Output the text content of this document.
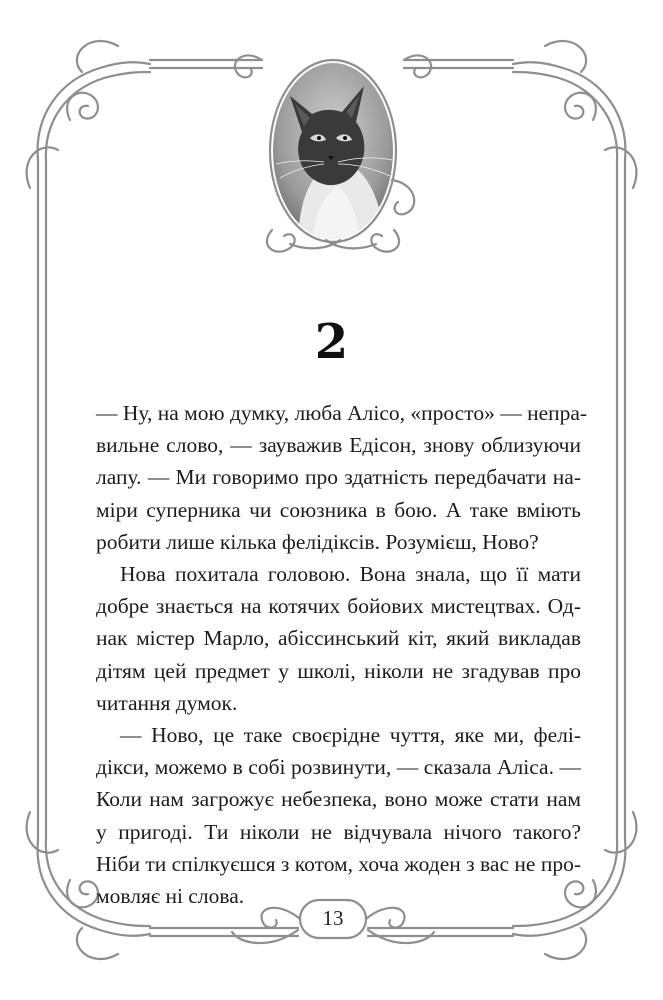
2

— Ну, на мою думку, люба Алісо, «просто» — непра-
вильне слово, — зауважив Едісон, знову облизуючи
лапу. — Ми говоримо про здатність передбачати на-
міри суперника чи союзника в бою. А таке вміють
робити лише кілька фелідіксів. Розумієш, Ново?

Нова похитала головою. Вона знала, що її мати
добре знається на котячих бойових мистецтвах. Од-
нак містер Марло, абіссинський кіт, який викладав
дітям цей предмет у школі, ніколи не згадував про
читання думок.

— Ново, це таке своєрідне чуття, яке ми, фелі-
дікси, можемо в собі розвинути, — сказала Аліса. —
Коли нам загрожує небезпека, воно може стати нам
у пригоді. Ти ніколи не відчувала нічого такого?
Ніби ти спілкуєшся з котом, хоча жоден з вас не про-
мовляє ні слова.

13
